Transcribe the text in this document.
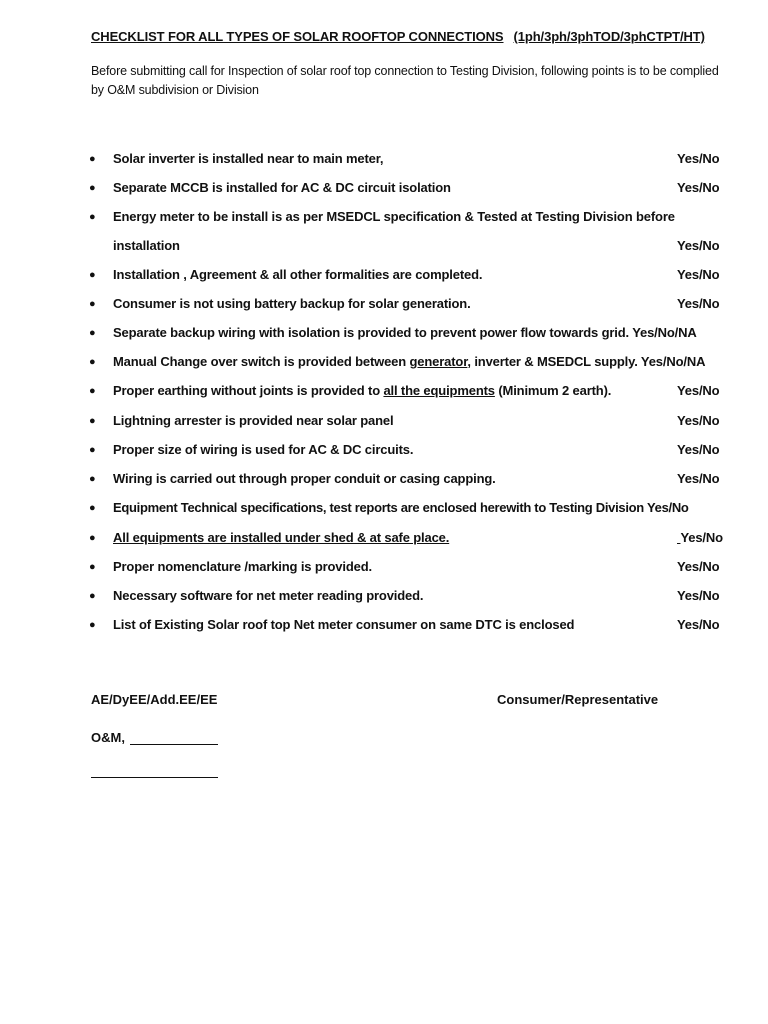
CHECKLIST FOR ALL TYPES OF SOLAR ROOFTOP CONNECTIONS (1ph/3ph/3phTOD/3phCTPT/HT)
Before submitting call for Inspection of solar roof top connection to Testing Division, following points is to be complied by O&M subdivision or Division
● Solar inverter is installed near to main meter,	Yes/No
● Separate MCCB is installed for AC & DC circuit isolation	Yes/No
● Energy meter to be install is as per MSEDCL specification & Tested at Testing Division before
installation	Yes/No
● Installation , Agreement & all other formalities are completed.	Yes/No
● Consumer is not using battery backup for solar generation.	Yes/No
● Separate backup wiring with isolation is provided to prevent power flow towards grid. Yes/No/NA
● Manual Change over switch is provided between generator, inverter & MSEDCL supply. Yes/No/NA
● Proper earthing without joints is provided to all the equipments (Minimum 2 earth).	Yes/No
● Lightning arrester is provided near solar panel	Yes/No
● Proper size of wiring is used for AC & DC circuits.	Yes/No
● Wiring is carried out through proper conduit or casing capping.	Yes/No
● Equipment Technical specifications, test reports are enclosed herewith to Testing Division Yes/No
● All equipments are installed under shed & at safe place.	Yes/No
● Proper nomenclature /marking is provided.	Yes/No
● Necessary software for net meter reading provided.	Yes/No
● List of Existing Solar roof top Net meter consumer on same DTC is enclosed	Yes/No
AE/DyEE/Add.EE/EE	Consumer/Representative
O&M,
